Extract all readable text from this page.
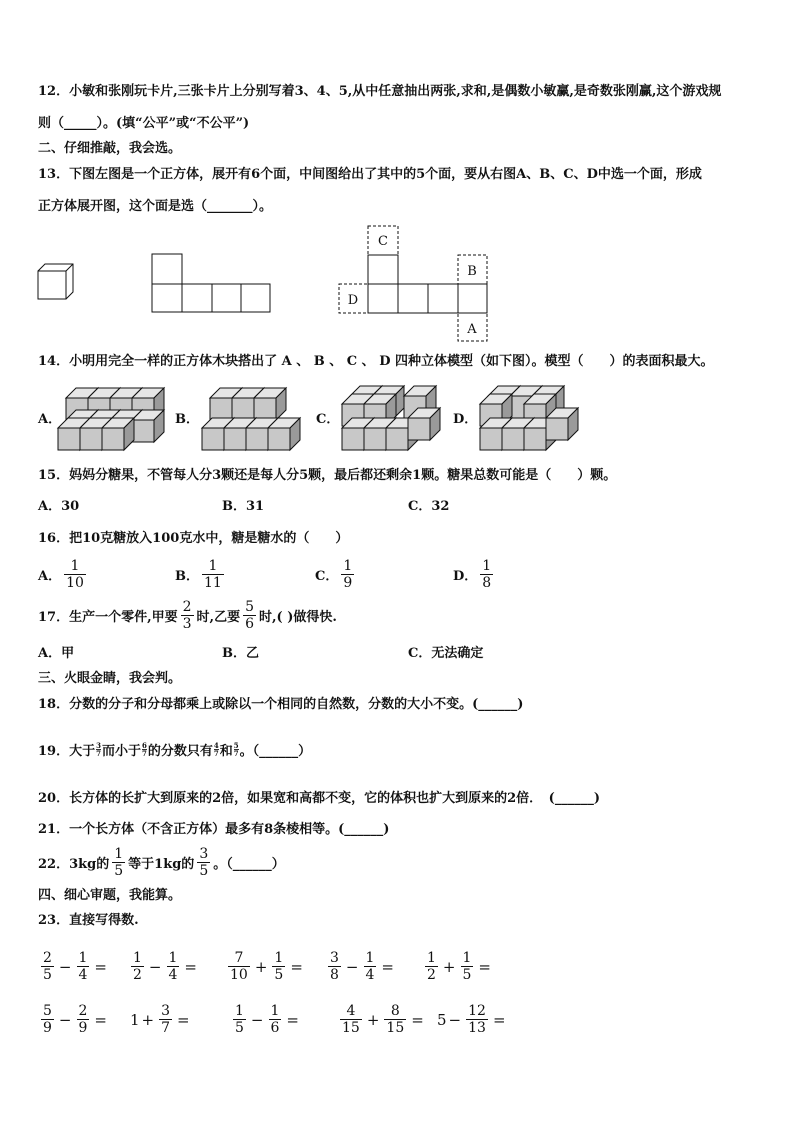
12．小敏和张刚玩卡片,三张卡片上分别写着3、4、5,从中任意抽出两张,求和,是偶数小敏赢,是奇数张刚赢,这个游戏规
则（_____）。(填“公平”或“不公平”)
二、仔细推敲，我会选。
13．下图左图是一个正方体，展开有6个面，中间图给出了其中的5个面，要从右图A、B、C、D中选一个面，形成
正方体展开图，这个面是选（_______）。
C
B
D
A
14．小明用完全一样的正方体木块搭出了 A 、 B 、 C 、 D 四种立体模型（如下图）。模型（　　）的表面积最大。
A．	B．	C．	D．
15．妈妈分糖果，不管每人分3颗还是每人分5颗，最后都还剩余1颗。糖果总数可能是（　　）颗。
A．30	B．31	C．32
16．把10克糖放入100克水中，糖是糖水的（　　）
A． $\frac{1}{10}$	B． $\frac{1}{11}$	C． $\frac{1}{9}$	D． $\frac{1}{8}$
17．生产一个零件,甲要 $\frac{2}{3}$ 时,乙要 $\frac{5}{6}$ 时,( )做得快.
A．甲	B．乙	C．无法确定
三、火眼金睛，我会判。
18．分数的分子和分母都乘上或除以一个相同的自然数，分数的大小不变。(______)
19．大于 $\frac{3}{7}$ 而小于 $\frac{6}{7}$ 的分数只有 $\frac{4}{7}$ 和 $\frac{5}{7}$ 。（______）
20．长方体的长扩大到原来的2倍，如果宽和高都不变，它的体积也扩大到原来的2倍．　(______)
21．一个长方体（不含正方体）最多有8条棱相等。(______)
22．3kg的 $\frac{1}{5}$ 等于1kg的 $\frac{3}{5}$ 。（______）
四、细心审题，我能算。
23．直接写得数.
$\frac{2}{5} - \frac{1}{4} = \frac{1}{2} - \frac{1}{4} = \frac{7}{10} + \frac{1}{5} = \frac{3}{8} - \frac{1}{4} = \frac{1}{2} + \frac{1}{5}$ =
$\frac{5}{9} - \frac{2}{9} = 1 + \frac{3}{7}$ =	$\frac{1}{5} - \frac{1}{6}$ =	$\frac{4}{15} + \frac{8}{15} = 5 - \frac{12}{13}$ =
